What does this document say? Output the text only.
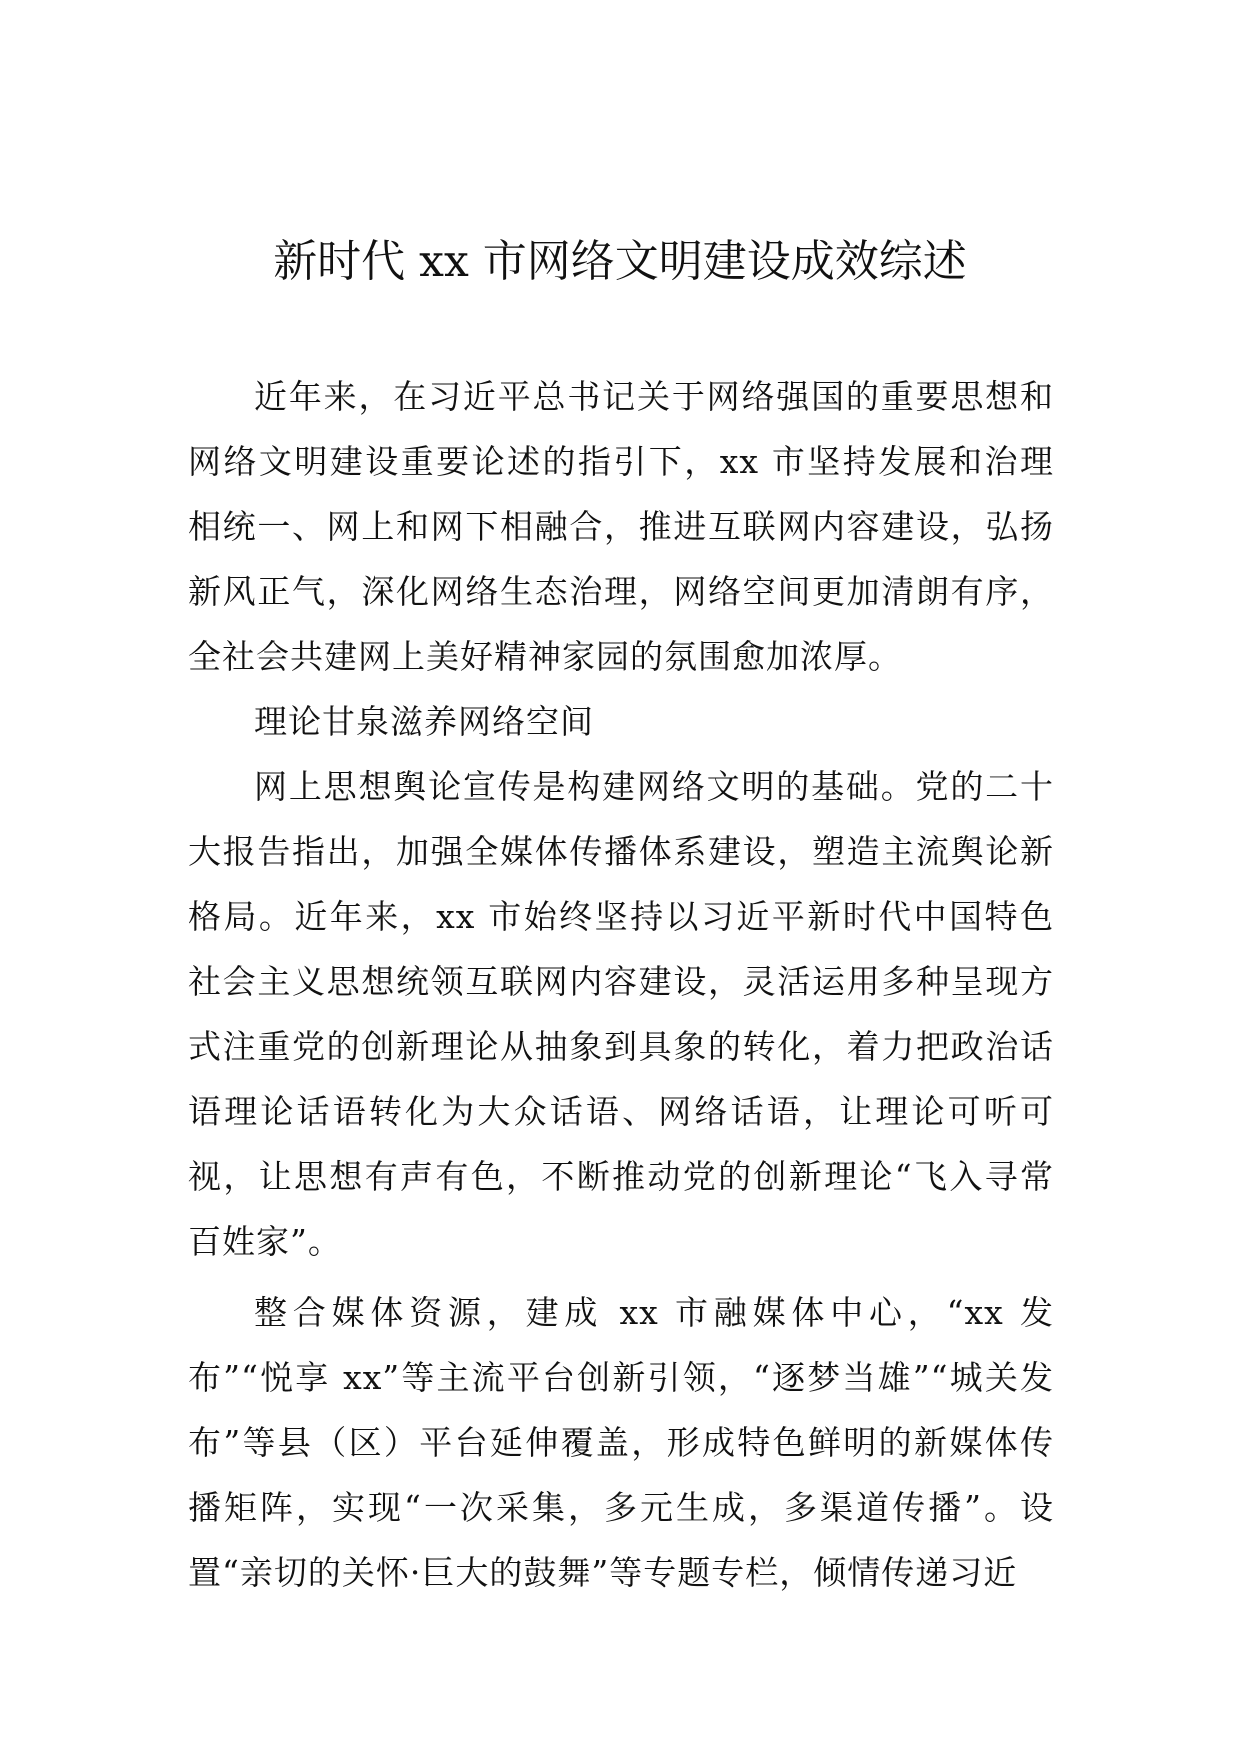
新时代 xx 市网络文明建设成效综述

近年来，在习近平总书记关于网络强国的重要思想和网络文明建设重要论述的指引下，xx 市坚持发展和治理相统一、网上和网下相融合，推进互联网内容建设，弘扬新风正气，深化网络生态治理，网络空间更加清朗有序，全社会共建网上美好精神家园的氛围愈加浓厚。

理论甘泉滋养网络空间

网上思想舆论宣传是构建网络文明的基础。党的二十大报告指出，加强全媒体传播体系建设，塑造主流舆论新格局。近年来，xx 市始终坚持以习近平新时代中国特色社会主义思想统领互联网内容建设，灵活运用多种呈现方式注重党的创新理论从抽象到具象的转化，着力把政治话语理论话语转化为大众话语、网络话语，让理论可听可视，让思想有声有色，不断推动党的创新理论“飞入寻常百姓家”。

整合媒体资源，建成 xx 市融媒体中心，“xx 发布”“悦享 xx”等主流平台创新引领，“逐梦当雄”“城关发布”等县（区）平台延伸覆盖，形成特色鲜明的新媒体传播矩阵，实现“一次采集，多元生成，多渠道传播”。设置“亲切的关怀·巨大的鼓舞”等专题专栏，倾情传递习近
